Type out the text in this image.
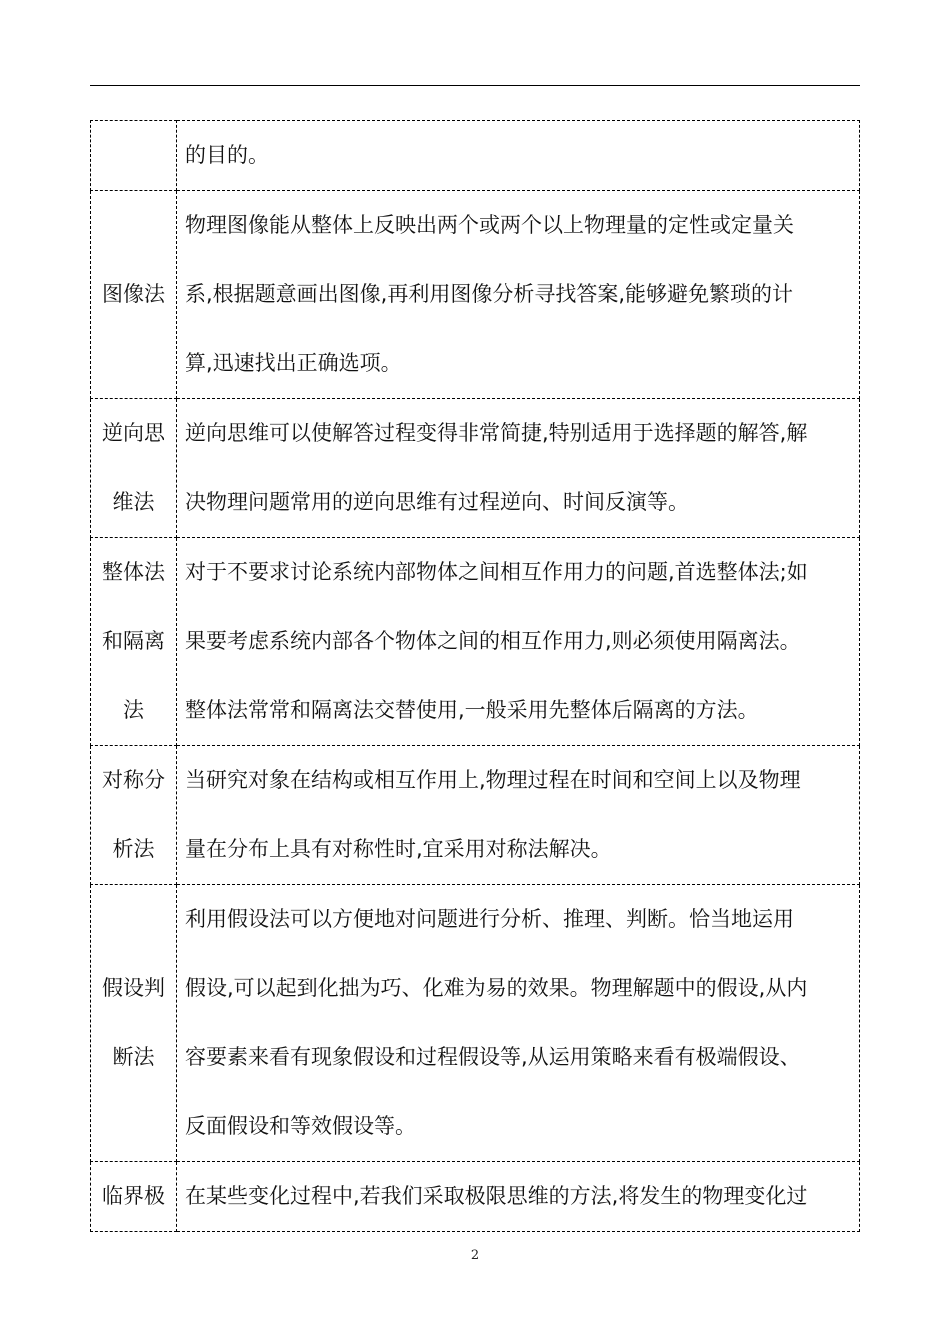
	的目的。

图像法	物理图像能从整体上反映出两个或两个以上物理量的定性或定量关
系,根据题意画出图像,再利用图像分析寻找答案,能够避免繁琐的计
算,迅速找出正确选项。

逆向思
维法	逆向思维可以使解答过程变得非常简捷,特别适用于选择题的解答,解
决物理问题常用的逆向思维有过程逆向、时间反演等。

整体法
和隔离
法	对于不要求讨论系统内部物体之间相互作用力的问题,首选整体法;如
果要考虑系统内部各个物体之间的相互作用力,则必须使用隔离法。
整体法常常和隔离法交替使用,一般采用先整体后隔离的方法。

对称分
析法	当研究对象在结构或相互作用上,物理过程在时间和空间上以及物理
量在分布上具有对称性时,宜采用对称法解决。

假设判
断法	利用假设法可以方便地对问题进行分析、推理、判断。恰当地运用
假设,可以起到化拙为巧、化难为易的效果。物理解题中的假设,从内
容要素来看有现象假设和过程假设等,从运用策略来看有极端假设、
反面假设和等效假设等。

临界极	在某些变化过程中,若我们采取极限思维的方法,将发生的物理变化过
2
